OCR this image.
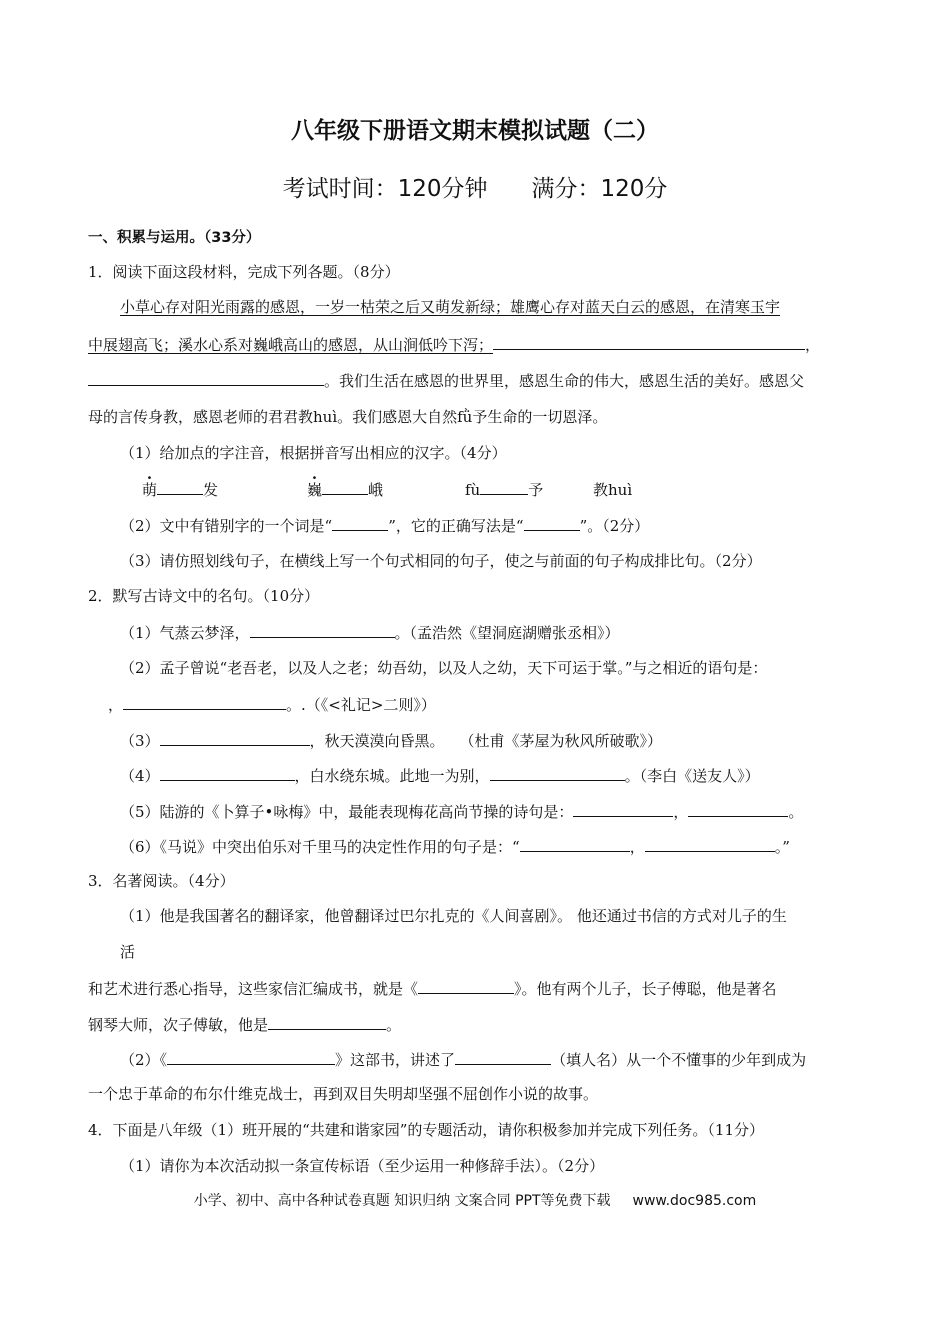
八年级下册语文期末模拟试题（二）
考试时间：120分钟 满分：120分
一、积累与运用。（33分）
1．阅读下面这段材料，完成下列各题。（8分）
小草心存对阳光雨露的感恩，一岁一枯荣之后又萌发新绿；雄鹰心存对蓝天白云的感恩，在清寒玉宇
中展翅高飞；溪水心系对巍峨高山的感恩，从山涧低吟下泻；	，
。我们生活在感恩的世界里，感恩生命的伟大，感恩生活的美好。感恩父
母的言传身教，感恩老师的君君教huì。我们感恩大自然fǜ予生命的一切恩泽。
（1）给加点的字注音，根据拼音写出相应的汉字。（4分）
萌	发	巍	峨	fù	予	教huì
（2）文中有错别字的一个词是“	”，它的正确写法是“	”。（2分）
（3）请仿照划线句子，在横线上写一个句式相同的句子，使之与前面的句子构成排比句。（2分）
2．默写古诗文中的名句。（10分）
（1）气蒸云梦泽，	。（孟浩然《望洞庭湖赠张丞相》）
（2）孟子曾说“老吾老，以及人之老；幼吾幼，以及人之幼，天下可运于掌。”与之相近的语句是：
，	。.（《<礼记>二则》）
（3）	，秋天漠漠向昏黑。　　（杜甫《茅屋为秋风所破歌》）
（4）	，白水绕东城。此地一为别，	。（李白《送友人》）
（5）陆游的《卜算子•咏梅》中，最能表现梅花高尚节操的诗句是：	，	。
（6）《马说》中突出伯乐对千里马的决定性作用的句子是：“	，	。”
3．名著阅读。（4分）
（1）他是我国著名的翻译家，他曾翻译过巴尔扎克的《人间喜剧》。 他还通过书信的方式对儿子的生
活
和艺术进行悉心指导，这些家信汇编成书，就是《	》。他有两个儿子，长子傅聪，他是著名
钢琴大师，次子傅敏，他是	。
（2）《	》这部书，讲述了	（填人名）从一个不懂事的少年到成为
一个忠于革命的布尔什维克战士，再到双目失明却坚强不屈创作小说的故事。
4．下面是八年级（1）班开展的“共建和谐家园”的专题活动，请你积极参加并完成下列任务。（11分）
（1）请你为本次活动拟一条宣传标语（至少运用一种修辞手法）。（2分）
小学、初中、高中各种试卷真题 知识归纳 文案合同 PPT等免费下载 www.doc985.com
